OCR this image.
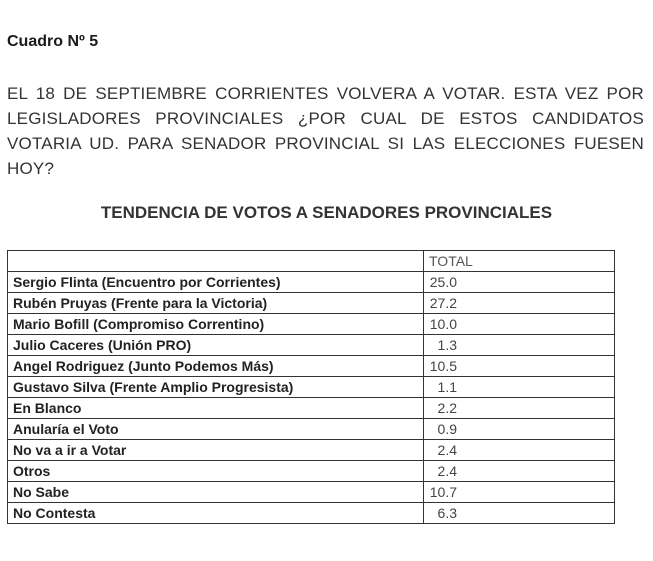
Cuadro Nº 5

EL 18 DE SEPTIEMBRE CORRIENTES VOLVERA A VOTAR. ESTA VEZ POR LEGISLADORES PROVINCIALES ¿POR CUAL DE ESTOS CANDIDATOS VOTARIA UD. PARA SENADOR PROVINCIAL SI LAS ELECCIONES FUESEN HOY?

TENDENCIA DE VOTOS A SENADORES PROVINCIALES
	TOTAL
Sergio Flinta (Encuentro por Corrientes)	25.0
Rubén Pruyas (Frente para la Victoria)	27.2
Mario Bofill (Compromiso Correntino)	10.0
Julio Caceres (Unión PRO)	1.3
Angel Rodriguez (Junto Podemos Más)	10.5
Gustavo Silva (Frente Amplio Progresista)	1.1
En Blanco	2.2
Anularía el Voto	0.9
No va a ir a Votar	2.4
Otros	2.4
No Sabe	10.7
No Contesta	6.3
